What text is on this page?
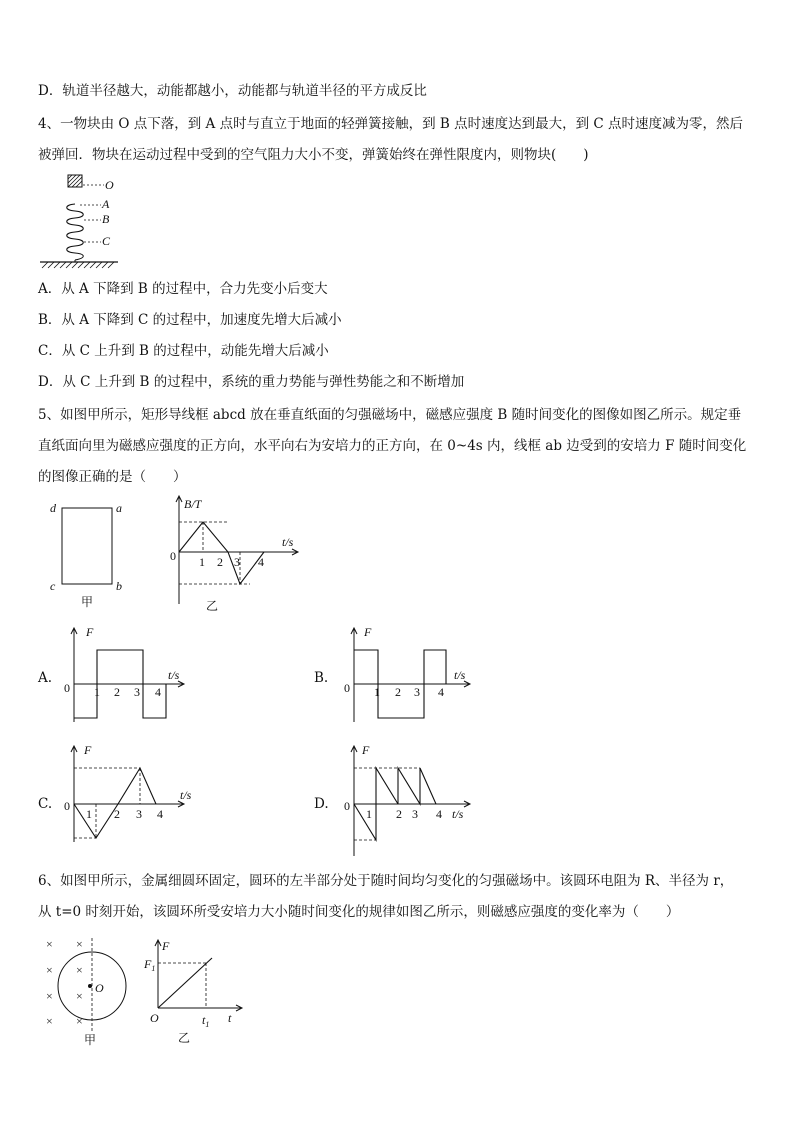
D．轨道半径越大，动能都越小，动能都与轨道半径的平方成反比
4、一物块由 O 点下落，到 A 点时与直立于地面的轻弹簧接触，到 B 点时速度达到最大，到 C 点时速度减为零，然后
被弹回．物块在运动过程中受到的空气阻力大小不变，弹簧始终在弹性限度内，则物块(　　)
O
A
B
C
A．从 A 下降到 B 的过程中，合力先变小后变大
B．从 A 下降到 C 的过程中，加速度先增大后减小
C．从 C 上升到 B 的过程中，动能先增大后减小
D．从 C 上升到 B 的过程中，系统的重力势能与弹性势能之和不断增加
5、如图甲所示，矩形导线框 abcd 放在垂直纸面的匀强磁场中，磁感应强度 B 随时间变化的图像如图乙所示。规定垂
直纸面向里为磁感应强度的正方向，水平向右为安培力的正方向，在 0~4s 内，线框 ab 边受到的安培力 F 随时间变化
的图像正确的是（　　）
d	a
c	b
甲
B/T
t/s
0 1 2 3 4
乙
A.
F
t/s
0 1 2 3 4
B.
F
t/s
0 1 2 3 4
C.
F
t/s
0
1 2 3 4
D.
F
t/s
0
1 2 3 4
6、如图甲所示，金属细圆环固定，圆环的左半部分处于随时间均匀变化的匀强磁场中。该圆环电阻为 R、半径为 r，
从 t=0 时刻开始，该圆环所受安培力大小随时间变化的规律如图乙所示，则磁感应强度的变化率为（　　）
O
× ×
× ×
× ×
× ×
甲
F
t
O
$F_1$
$t_1$
乙
